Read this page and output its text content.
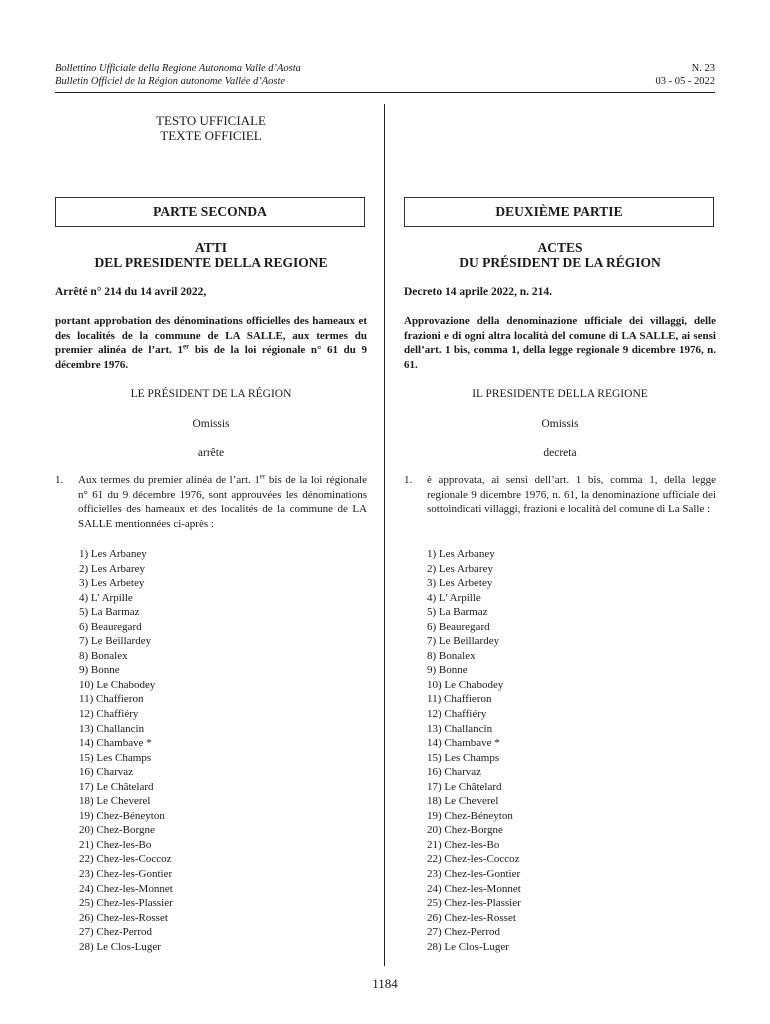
Bollettino Ufficiale della Regione Autonoma Valle d’Aosta
Bulletin Officiel de la Région autonome Vallée d’Aoste
N. 23
03 - 05 - 2022
TESTO UFFICIALE
TEXTE OFFICIEL
PARTE SECONDA
ATTI
DEL PRESIDENTE DELLA REGIONE
Arrêté n° 214 du 14 avril 2022,
portant approbation des dénominations officielles des hameaux et des localités de la commune de LA SALLE, aux termes du premier alinéa de l’art. 1er bis de la loi régionale n° 61 du 9 décembre 1976.
LE PRÉSIDENT DE LA RÉGION
Omissis
arrête
1. Aux termes du premier alinéa de l’art. 1er bis de la loi régionale n° 61 du 9 décembre 1976, sont approuvées les dénominations officielles des hameaux et des localités de la commune de LA SALLE mentionnées ci-après :
1) Les Arbaney
2) Les Arbarey
3) Les Arbetey
4) L’ Arpille
5) La Barmaz
6) Beauregard
7) Le Beillardey
8) Bonalex
9) Bonne
10) Le Chabodey
11) Chaffieron
12) Chaffiéry
13) Challancin
14) Chambave *
15) Les Champs
16) Charvaz
17) Le Châtelard
18) Le Cheverel
19) Chez-Béneyton
20) Chez-Borgne
21) Chez-les-Bo
22) Chez-les-Coccoz
23) Chez-les-Gontier
24) Chez-les-Monnet
25) Chez-les-Plassier
26) Chez-les-Rosset
27) Chez-Perrod
28) Le Clos-Luger
DEUXIÈME PARTIE
ACTES
DU PRÉSIDENT DE LA RÉGION
Decreto 14 aprile 2022, n. 214.
Approvazione della denominazione ufficiale dei villaggi, delle frazioni e di ogni altra località del comune di LA SALLE, ai sensi dell’art. 1 bis, comma 1, della legge regionale 9 dicembre 1976, n. 61.
IL PRESIDENTE DELLA REGIONE
Omissis
decreta
1. è approvata, ai sensi dell’art. 1 bis, comma 1, della legge regionale 9 dicembre 1976, n. 61, la denominazione ufficiale dei sottoindicati villaggi, frazioni e località del comune di La Salle :
1) Les Arbaney
2) Les Arbarey
3) Les Arbetey
4) L’ Arpille
5) La Barmaz
6) Beauregard
7) Le Beillardey
8) Bonalex
9) Bonne
10) Le Chabodey
11) Chaffieron
12) Chaffiéry
13) Challancin
14) Chambave *
15) Les Champs
16) Charvaz
17) Le Châtelard
18) Le Cheverel
19) Chez-Béneyton
20) Chez-Borgne
21) Chez-les-Bo
22) Chez-les-Coccoz
23) Chez-les-Gontier
24) Chez-les-Monnet
25) Chez-les-Plassier
26) Chez-les-Rosset
27) Chez-Perrod
28) Le Clos-Luger
1184
